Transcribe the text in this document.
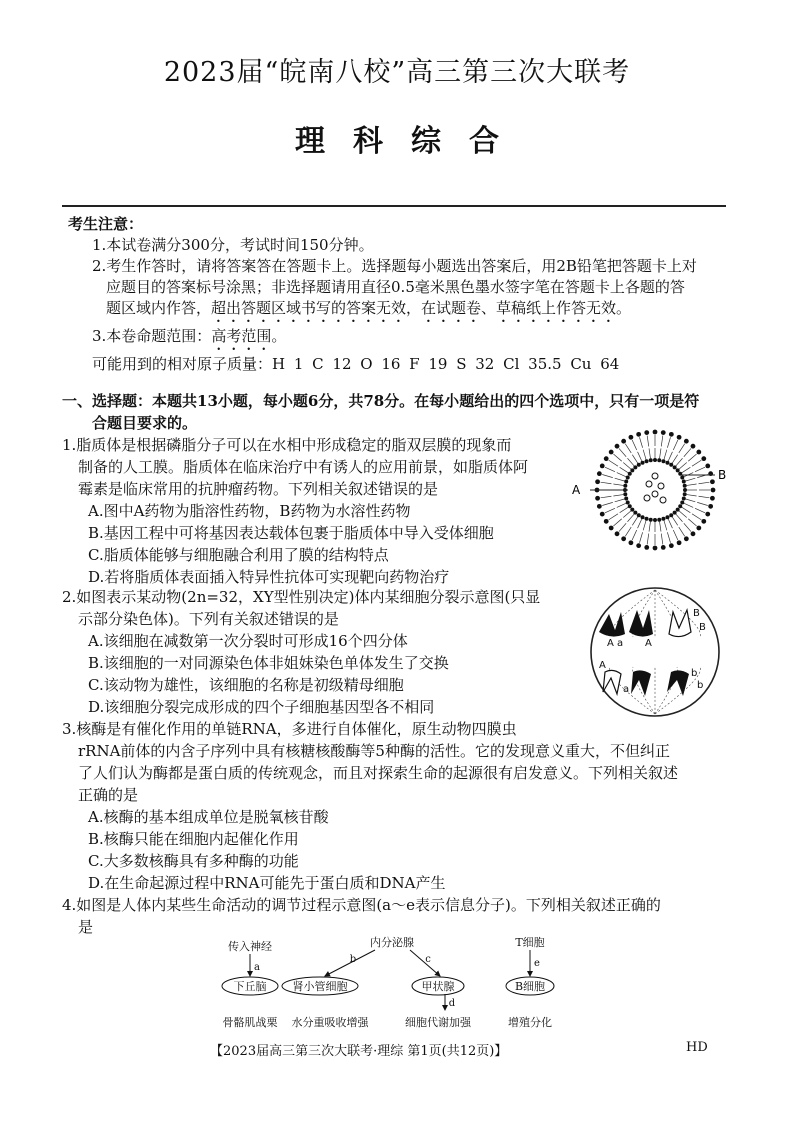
2023届“皖南八校”高三第三次大联考
理科综合
考生注意：
1.本试卷满分300分，考试时间150分钟。
2.考生作答时，请将答案答在答题卡上。选择题每小题选出答案后，用2B铅笔把答题卡上对
应题目的答案标号涂黑；非选择题请用直径0.5毫米黑色墨水签字笔在答题卡上各题的答
题区域内作答，超出答题区域书写的答案无效，在试题卷、草稿纸上作答无效。
3.本卷命题范围：高考范围。
可能用到的相对原子质量：H 1 C 12 O 16 F 19 S 32 Cl 35.5 Cu 64
一、选择题：本题共13小题，每小题6分，共78分。在每小题给出的四个选项中，只有一项是符
合题目要求的。
1.脂质体是根据磷脂分子可以在水相中形成稳定的脂双层膜的现象而
制备的人工膜。脂质体在临床治疗中有诱人的应用前景，如脂质体阿
霉素是临床常用的抗肿瘤药物。下列相关叙述错误的是
A.图中A药物为脂溶性药物，B药物为水溶性药物
B.基因工程中可将基因表达载体包裹于脂质体中导入受体细胞
C.脂质体能够与细胞融合利用了膜的结构特点
D.若将脂质体表面插入特异性抗体可实现靶向药物治疗
A
B
2.如图表示某动物(2n=32，XY型性别决定)体内某细胞分裂示意图(只显
示部分染色体)。下列有关叙述错误的是
A.该细胞在减数第一次分裂时可形成16个四分体
B.该细胞的一对同源染色体非姐妹染色单体发生了交换
C.该动物为雄性，该细胞的名称是初级精母细胞
D.该细胞分裂完成形成的四个子细胞基因型各不相同
A a A
B
B
A
a
b
b
3.核酶是有催化作用的单链RNA，多进行自体催化，原生动物四膜虫
rRNA前体的内含子序列中具有核糖核酸酶等5种酶的活性。它的发现意义重大，不但纠正
了人们认为酶都是蛋白质的传统观念，而且对探索生命的起源很有启发意义。下列相关叙述
正确的是
A.核酶的基本组成单位是脱氧核苷酸
B.核酶只能在细胞内起催化作用
C.大多数核酶具有多种酶的功能
D.在生命起源过程中RNA可能先于蛋白质和DNA产生
4.如图是人体内某些生命活动的调节过程示意图(a～e表示信息分子)。下列相关叙述正确的
是
传入神经	内分泌腺	T细胞
a
b	c
d
e
下丘脑 肾小管细胞	甲状腺	B细胞
骨骼肌战栗 水分重吸收增强	细胞代谢加强	增殖分化
【2023届高三第三次大联考·理综 第1页(共12页)】	HD
